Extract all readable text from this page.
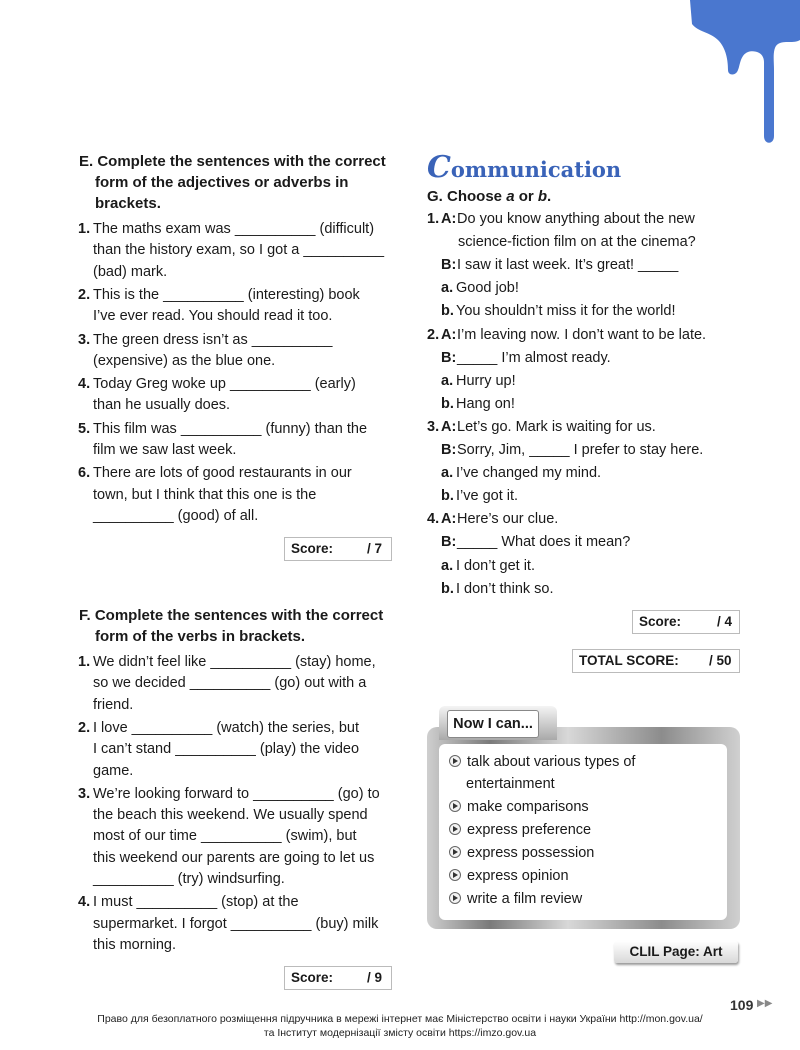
E. Complete the sentences with the correct
form of the adjectives or adverbs in
brackets.
1. The maths exam was __________ (difficult)
than the history exam, so I got a __________
(bad) mark.
2. This is the __________ (interesting) book
I’ve ever read. You should read it too.
3. The green dress isn’t as __________
(expensive) as the blue one.
4. Today Greg woke up __________ (early)
than he usually does.
5. This film was __________ (funny) than the
film we saw last week.
6. There are lots of good restaurants in our
town, but I think that this one is the
__________ (good) of all.
F. Complete the sentences with the correct
form of the verbs in brackets.
1. We didn’t feel like __________ (stay) home,
so we decided __________ (go) out with a
friend.
2. I love __________ (watch) the series, but
I can’t stand __________ (play) the video
game.
3. We’re looking forward to __________ (go) to
the beach this weekend. We usually spend
most of our time __________ (swim), but
this weekend our parents are going to let us
__________ (try) windsurfing.
4. I must __________ (stop) at the
supermarket. I forgot __________ (buy) milk
this morning.
Score:	/ 7
Score:	/ 9
Communication
G. Choose a or b.
1. A: Do you know anything about the new
science-fiction film on at the cinema?
B: I saw it last week. It’s great! _____
a. Good job!
b. You shouldn’t miss it for the world!
2. A: I’m leaving now. I don’t want to be late.
B: _____ I’m almost ready.
a. Hurry up!
b. Hang on!
3. A: Let’s go. Mark is waiting for us.
B: Sorry, Jim, _____ I prefer to stay here.
a. I’ve changed my mind.
b. I’ve got it.
4. A: Here’s our clue.
B: _____ What does it mean?
a. I don’t get it.
b. I don’t think so.
Score:	/ 4
TOTAL SCORE: / 50
Now I can...
talk about various types of
entertainment
make comparisons
express preference
express possession
express opinion
write a film review
CLIL Page: Art
109 ▶▶
Право для безоплатного розміщення підручника в мережі інтернет має Міністерство освіти і науки України http://mon.gov.ua/
та Інститут модернізації змісту освіти https://imzo.gov.ua
